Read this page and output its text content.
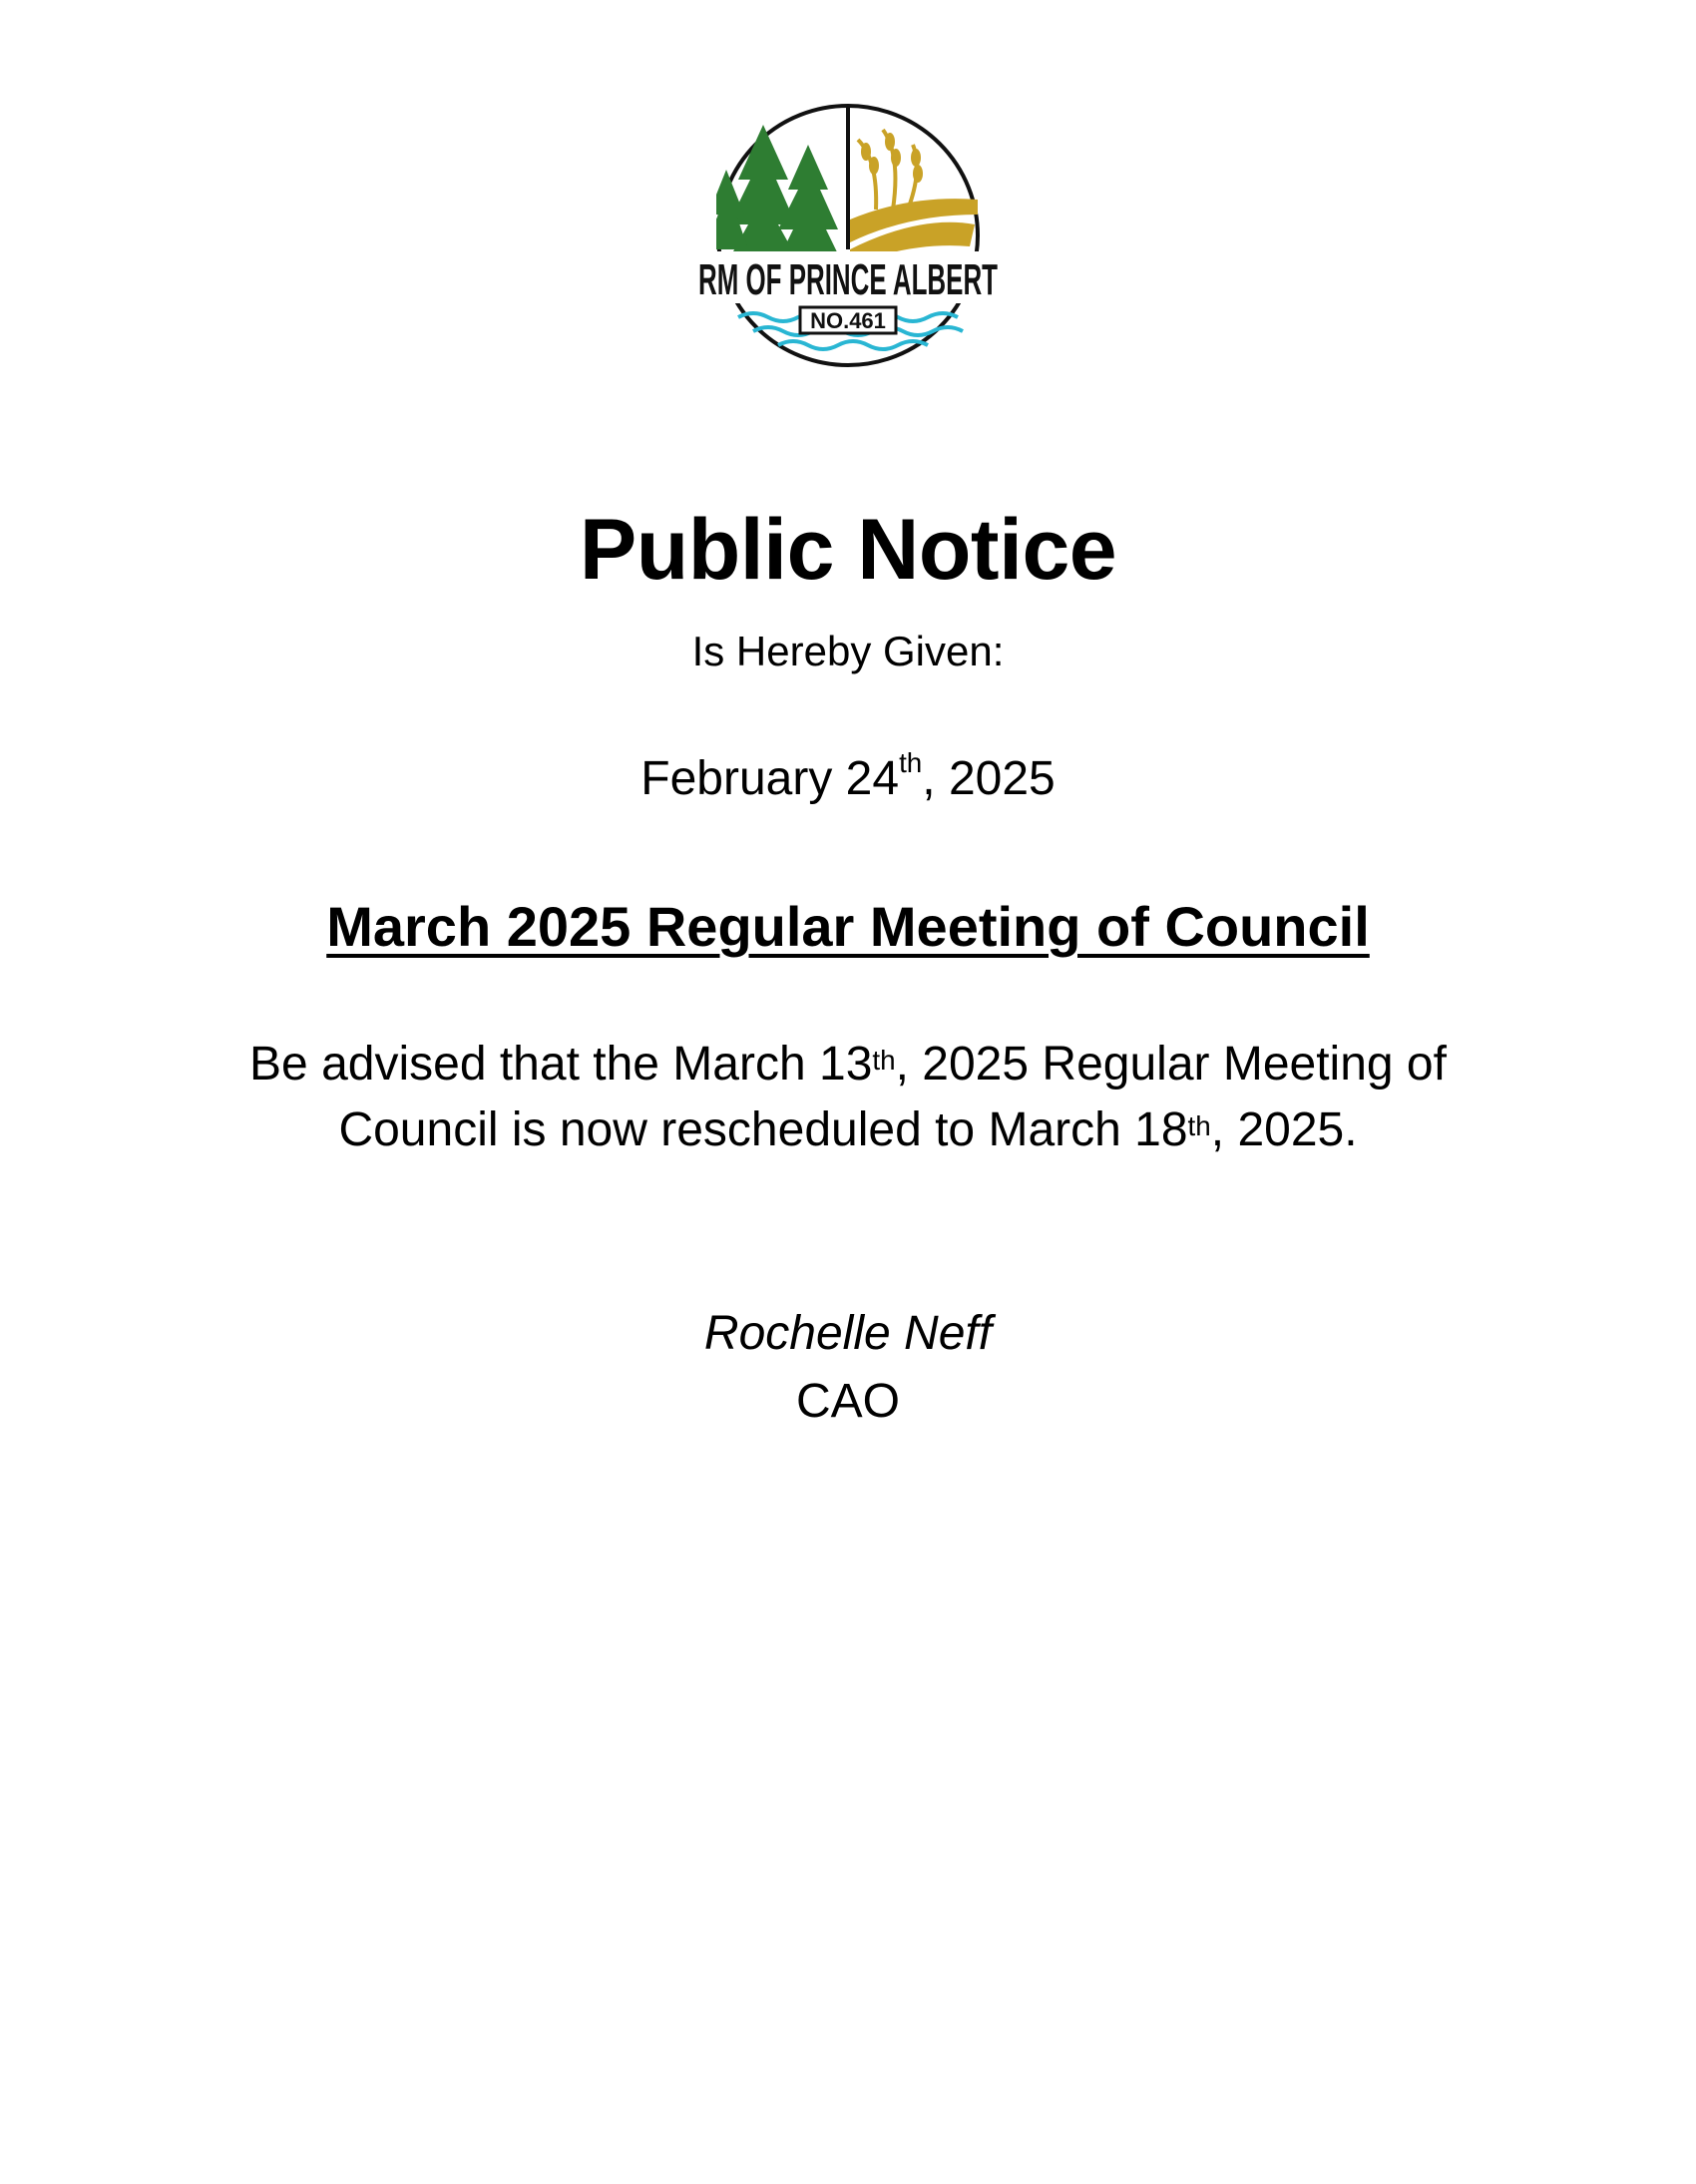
RM OF PRINCE ALBERT
NO.461
Public Notice
Is Hereby Given:
February 24th, 2025
March 2025 Regular Meeting of Council
Be advised that the March 13th, 2025 Regular Meeting of
Council is now rescheduled to March 18th, 2025.
Rochelle Neff
CAO
